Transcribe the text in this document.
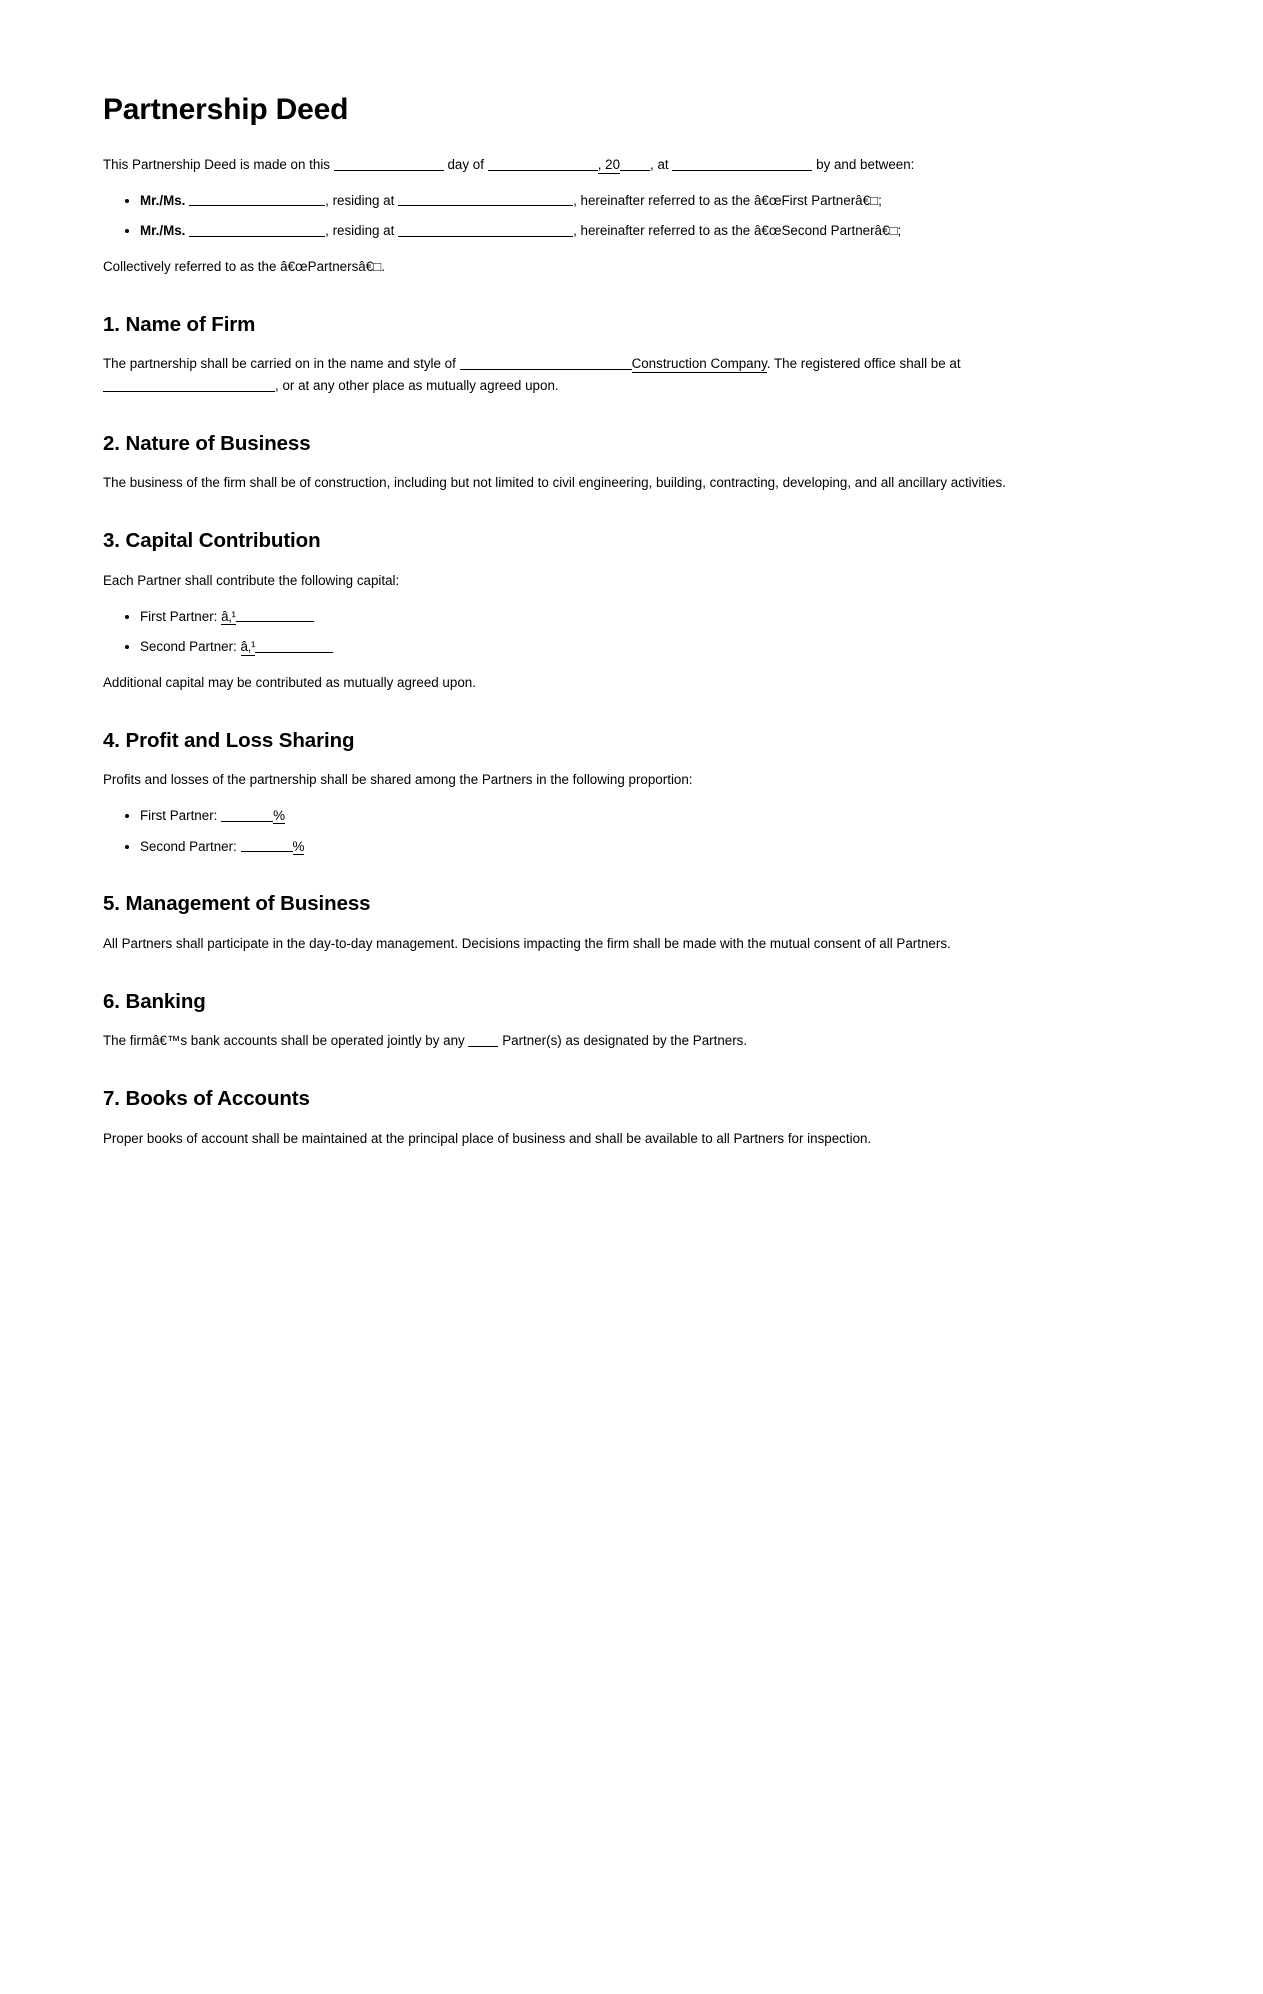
Partnership Deed

This Partnership Deed is made on this	day of	, 20 , at	by and between:

• Mr./Ms.	, residing at	, hereinafter referred to as the â€œFirst Partnerâ€□;
• Mr./Ms.	, residing at	, hereinafter referred to as the â€œSecond Partnerâ€□;

Collectively referred to as the â€œPartnersâ€□.

1. Name of Firm

The partnership shall be carried on in the name and style of	Construction Company. The registered office shall be at , or at any other place as mutually agreed upon.

2. Nature of Business

The business of the firm shall be of construction, including but not limited to civil engineering, building, contracting, developing, and all ancillary activities.

3. Capital Contribution

Each Partner shall contribute the following capital:

• First Partner: â‚¹
• Second Partner: â‚¹

Additional capital may be contributed as mutually agreed upon.

4. Profit and Loss Sharing

Profits and losses of the partnership shall be shared among the Partners in the following proportion:

• First Partner:	%
• Second Partner:	%
5. Management of Business

All Partners shall participate in the day-to-day management. Decisions impacting the firm shall be made with the mutual consent of all Partners.

6. Banking

The firmâ€™s bank accounts shall be operated jointly by any	Partner(s) as designated by the Partners.

7. Books of Accounts

Proper books of account shall be maintained at the principal place of business and shall be available to all Partners for inspection.
